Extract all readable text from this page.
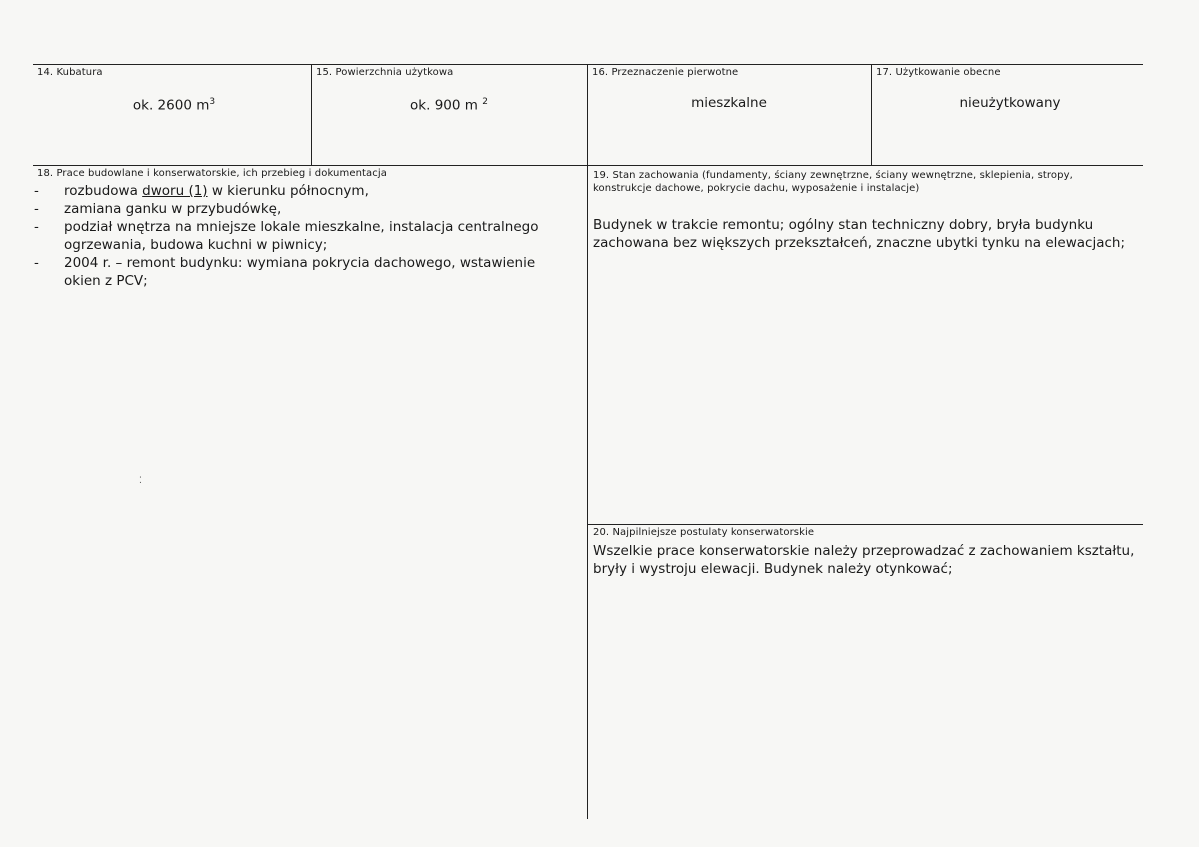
14. Kubatura
ok. 2600 $m^3$
15. Powierzchnia użytkowa
ok. 900 m $^2$
16. Przeznaczenie pierwotne
mieszkalne
17. Użytkowanie obecne
nieużytkowany
18. Prace budowlane i konserwatorskie, ich przebieg i dokumentacja
- rozbudowa dworu (1) w kierunku północnym,
- zamiana ganku w przybudówkę,
- podział wnętrza na mniejsze lokale mieszkalne, instalacja centralnego ogrzewania, budowa kuchni w piwnicy;
- 2004 r. – remont budynku: wymiana pokrycia dachowego, wstawienie okien z PCV;
⁚
19. Stan zachowania (fundamenty, ściany zewnętrzne, ściany wewnętrzne, sklepienia, stropy,
konstrukcje dachowe, pokrycie dachu, wyposażenie i instalacje)
Budynek w trakcie remontu; ogólny stan techniczny dobry, bryła budynku zachowana bez większych przekształceń, znaczne ubytki tynku na elewacjach;
20. Najpilniejsze postulaty konserwatorskie
Wszelkie prace konserwatorskie należy przeprowadzać z zachowaniem kształtu, bryły i wystroju elewacji. Budynek należy otynkować;
